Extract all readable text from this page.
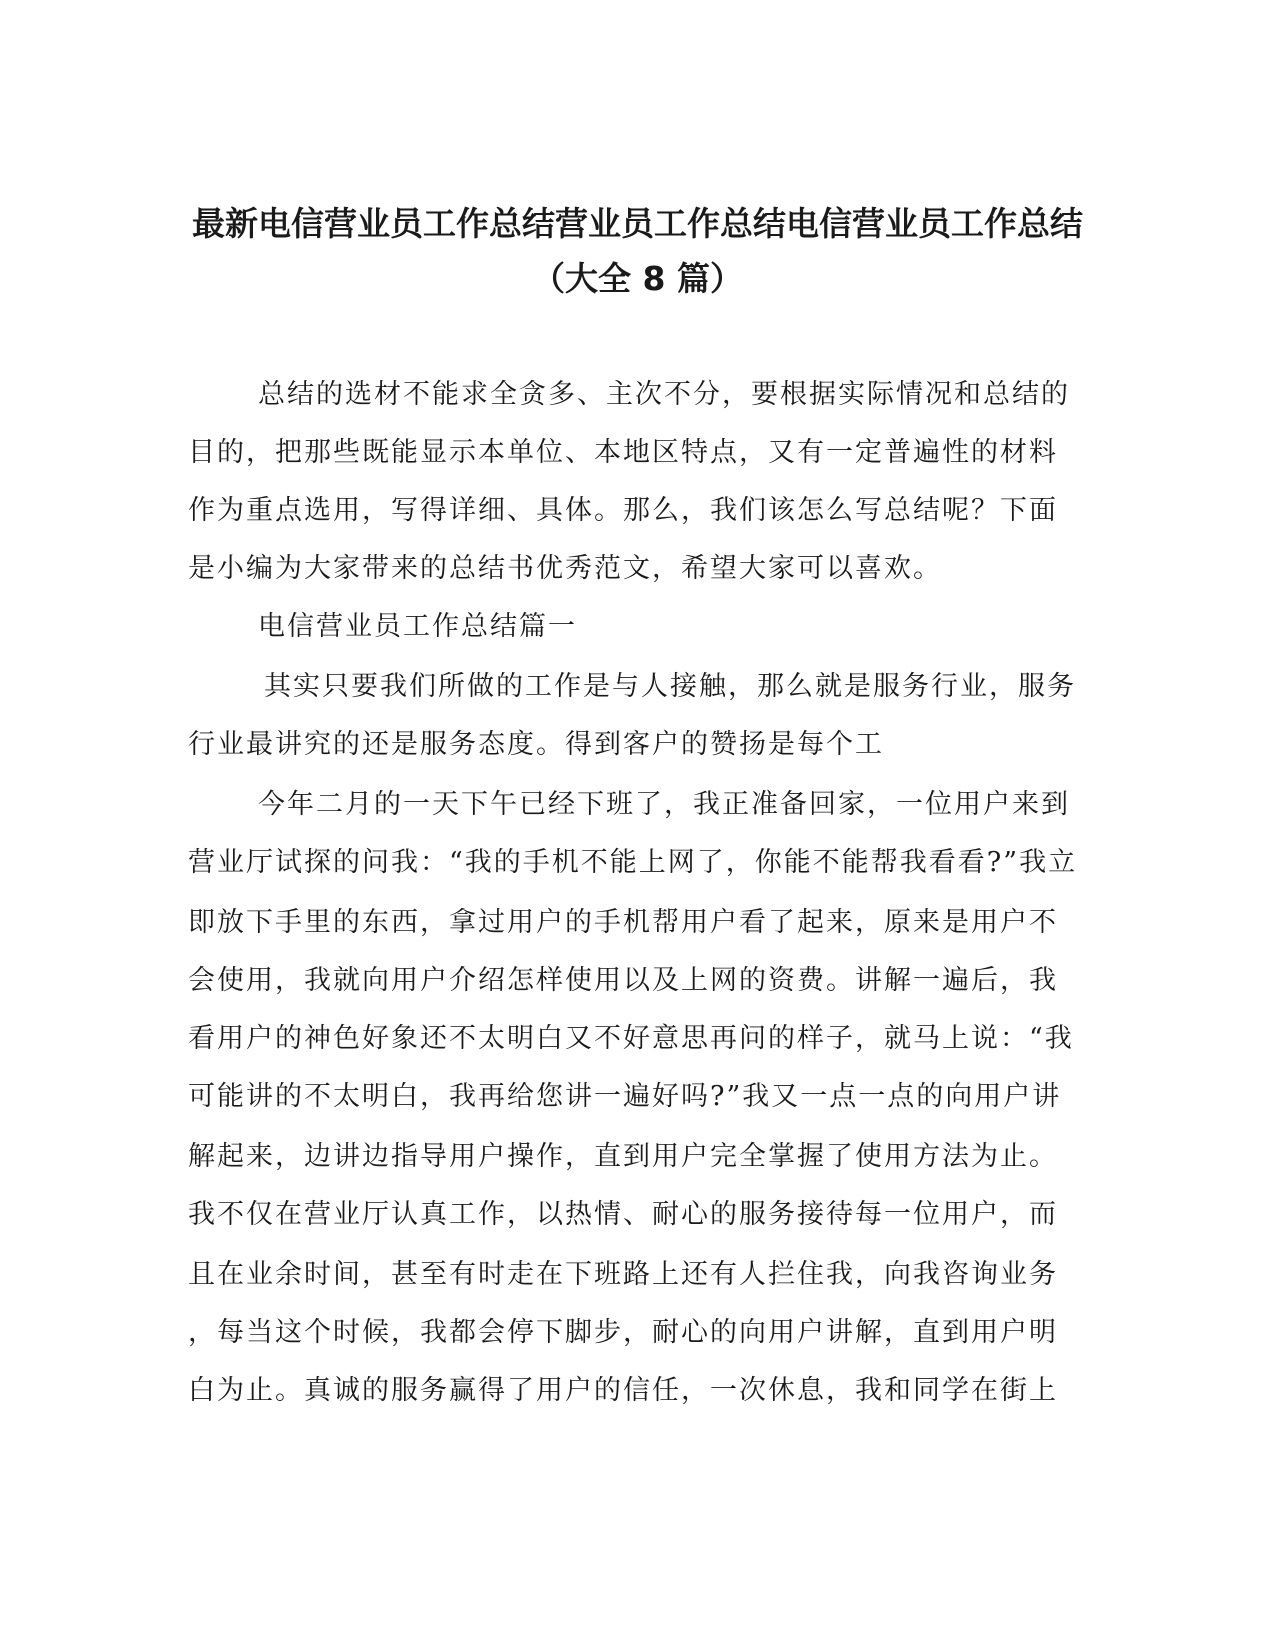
最新电信营业员工作总结营业员工作总结电信营业员工作总结
（大全 8 篇）
总结的选材不能求全贪多、主次不分，要根据实际情况和总结的
目的，把那些既能显示本单位、本地区特点，又有一定普遍性的材料
作为重点选用，写得详细、具体。那么，我们该怎么写总结呢？下面
是小编为大家带来的总结书优秀范文，希望大家可以喜欢。
电信营业员工作总结篇一
其实只要我们所做的工作是与人接触，那么就是服务行业，服务
行业最讲究的还是服务态度。得到客户的赞扬是每个工
今年二月的一天下午已经下班了，我正准备回家，一位用户来到
营业厅试探的问我：“我的手机不能上网了，你能不能帮我看看?”我立
即放下手里的东西，拿过用户的手机帮用户看了起来，原来是用户不
会使用，我就向用户介绍怎样使用以及上网的资费。讲解一遍后，我
看用户的神色好象还不太明白又不好意思再问的样子，就马上说：“我
可能讲的不太明白，我再给您讲一遍好吗?”我又一点一点的向用户讲
解起来，边讲边指导用户操作，直到用户完全掌握了使用方法为止。
我不仅在营业厅认真工作，以热情、耐心的服务接待每一位用户，而
且在业余时间，甚至有时走在下班路上还有人拦住我，向我咨询业务
，每当这个时候，我都会停下脚步，耐心的向用户讲解，直到用户明
白为止。真诚的服务赢得了用户的信任，一次休息，我和同学在街上
